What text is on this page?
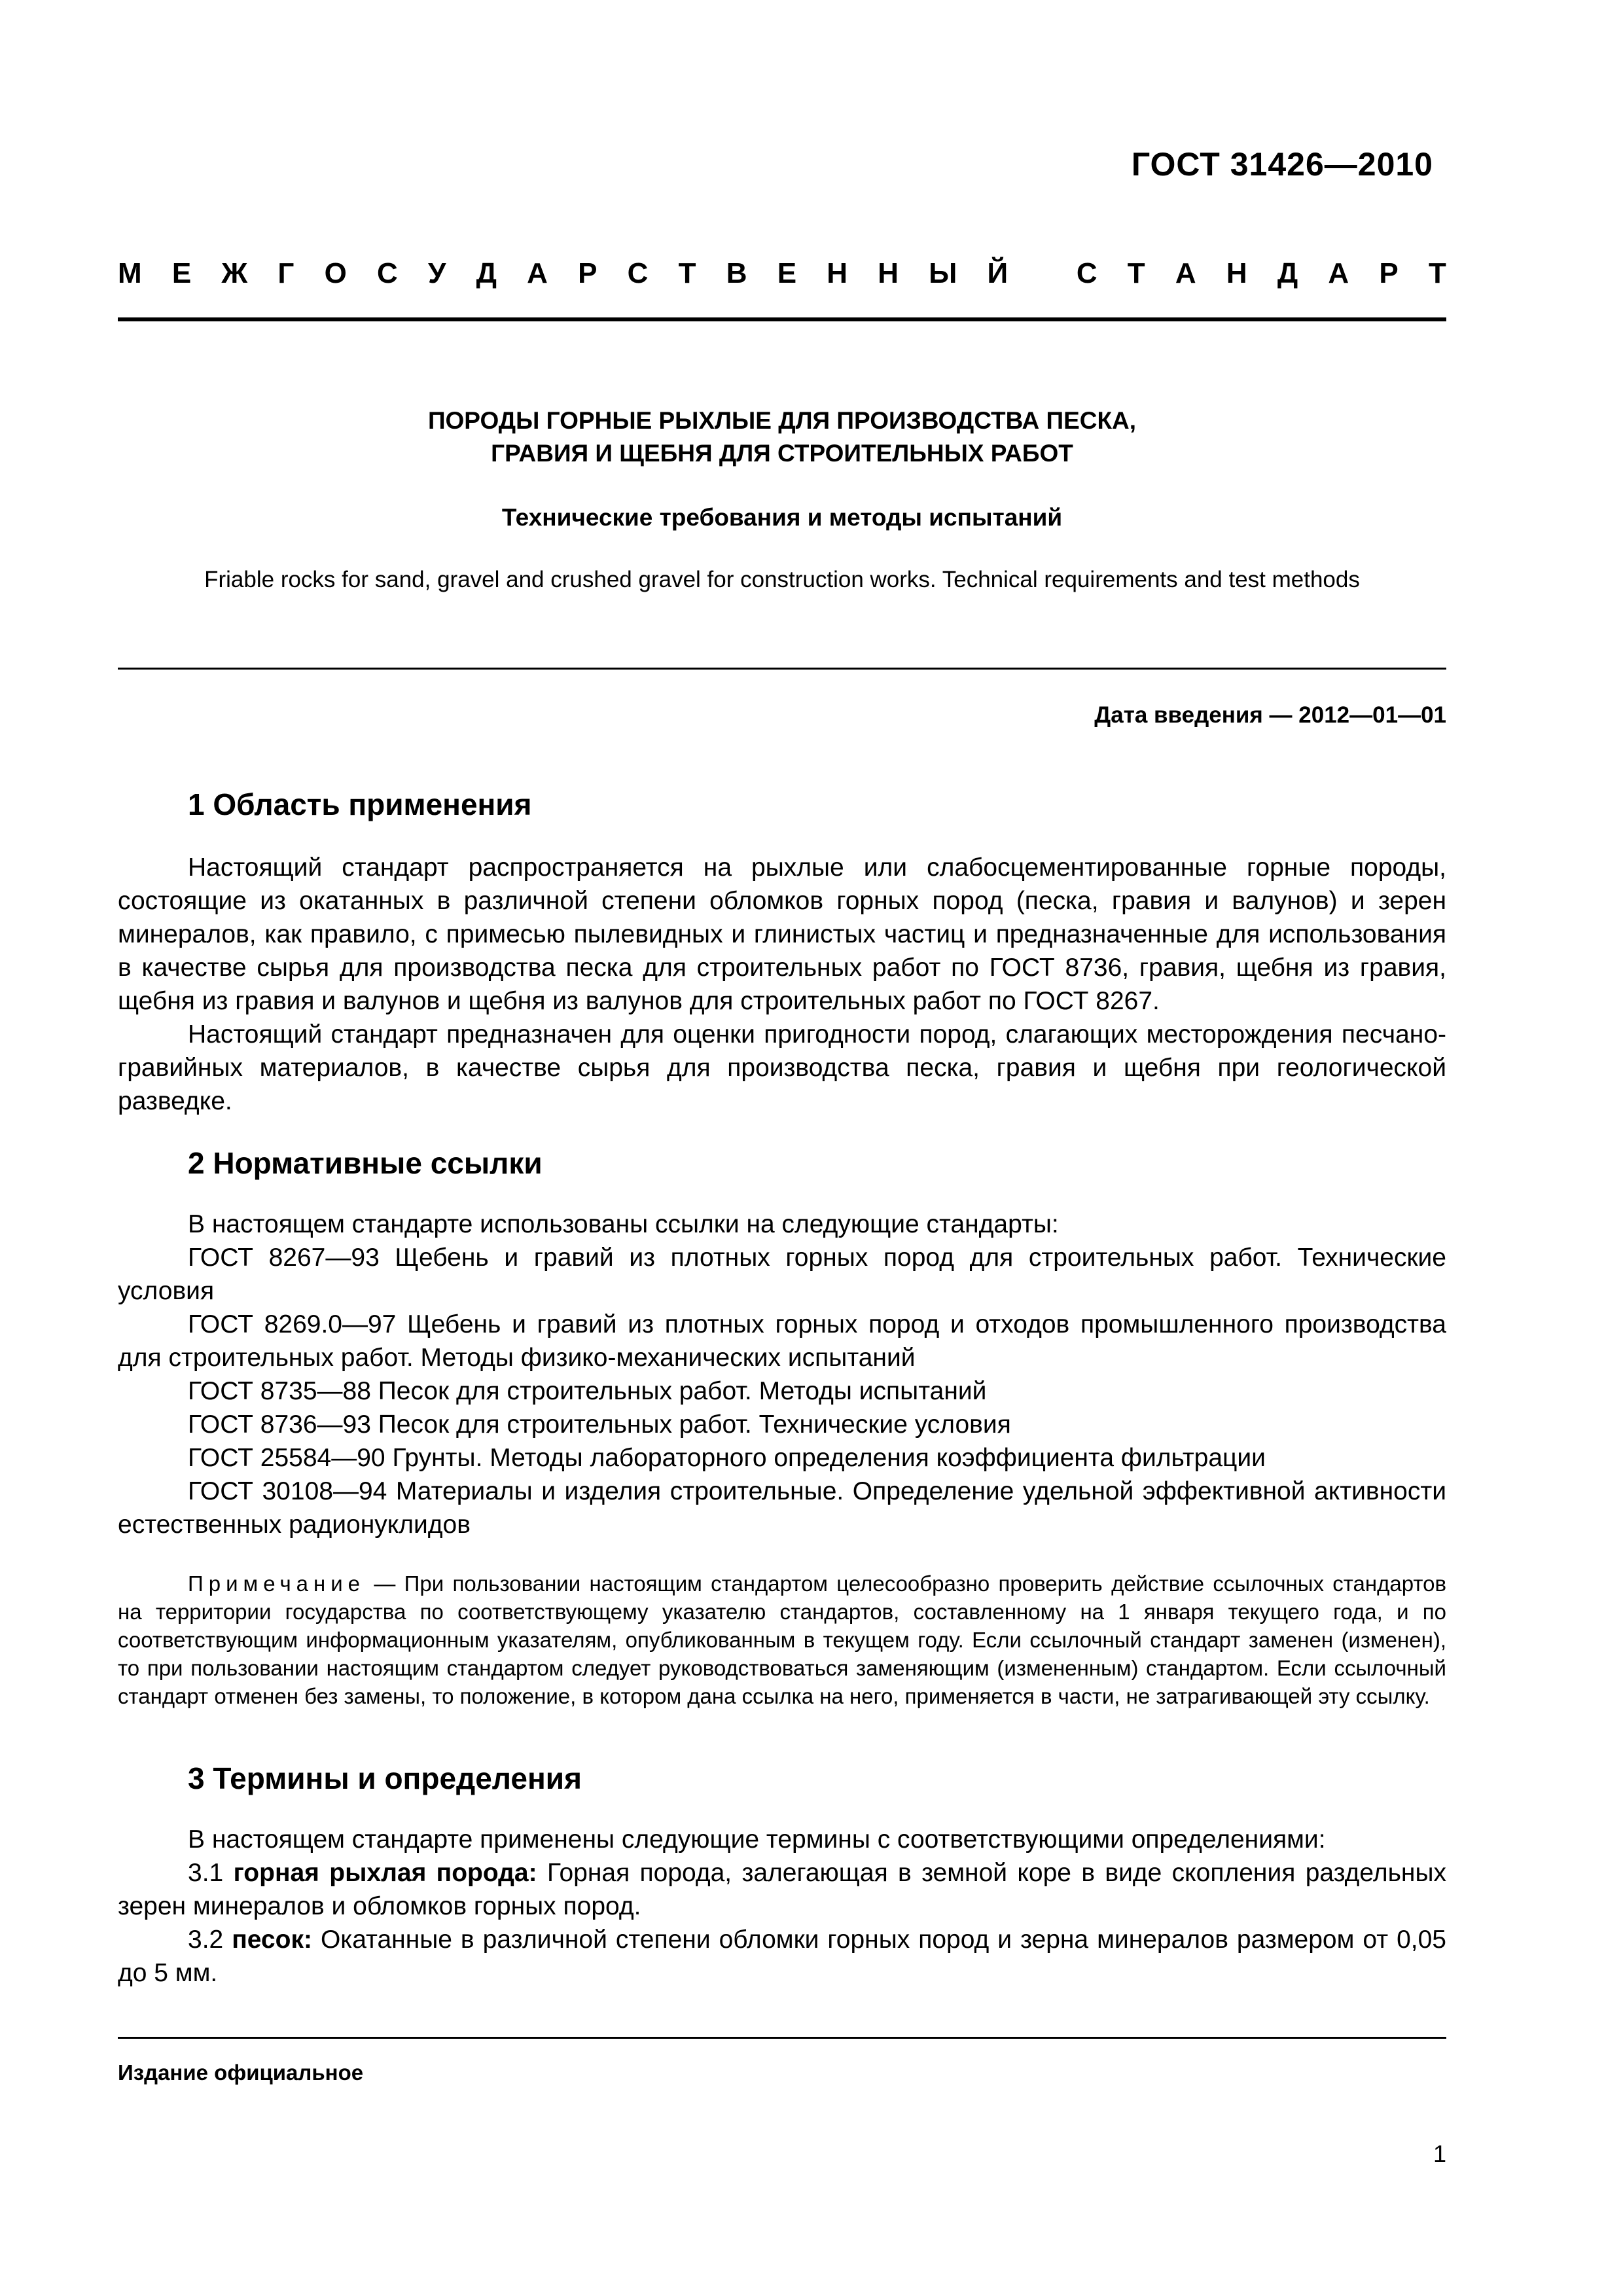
ГОСТ 31426—2010
М Е Ж Г О С У Д А Р С Т В Е Н Н Ы Й
С Т А Н Д А Р Т
ПОРОДЫ ГОРНЫЕ РЫХЛЫЕ ДЛЯ ПРОИЗВОДСТВА ПЕСКА,
ГРАВИЯ И ЩЕБНЯ ДЛЯ СТРОИТЕЛЬНЫХ РАБОТ
Технические требования и методы испытаний
Friable rocks for sand, gravel and crushed gravel for construction works. Technical requirements and test methods
Дата введения — 2012—01—01
1 Область применения

Настоящий стандарт распространяется на рыхлые или слабосцементированные горные породы, состоящие из окатанных в различной степени обломков горных пород (песка, гравия и валунов) и зерен минералов, как правило, с примесью пылевидных и глинистых частиц и предназначенные для использования в качестве сырья для производства песка для строительных работ по ГОСТ 8736, гравия, щебня из гравия, щебня из гравия и валунов и щебня из валунов для строительных работ по ГОСТ 8267.

Настоящий стандарт предназначен для оценки пригодности пород, слагающих месторождения песчано-гравийных материалов, в качестве сырья для производства песка, гравия и щебня при геологической разведке.

2 Нормативные ссылки

В настоящем стандарте использованы ссылки на следующие стандарты:

ГОСТ 8267—93 Щебень и гравий из плотных горных пород для строительных работ. Технические условия

ГОСТ 8269.0—97 Щебень и гравий из плотных горных пород и отходов промышленного производства для строительных работ. Методы физико-механических испытаний

ГОСТ 8735—88 Песок для строительных работ. Методы испытаний

ГОСТ 8736—93 Песок для строительных работ. Технические условия

ГОСТ 25584—90 Грунты. Методы лабораторного определения коэффициента фильтрации

ГОСТ 30108—94 Материалы и изделия строительные. Определение удельной эффективной активности естественных радионуклидов

Примечание — При пользовании настоящим стандартом целесообразно проверить действие ссылочных стандартов на территории государства по соответствующему указателю стандартов, составленному на 1 января текущего года, и по соответствующим информационным указателям, опубликованным в текущем году. Если ссылочный стандарт заменен (изменен), то при пользовании настоящим стандартом следует руководствоваться заменяющим (измененным) стандартом. Если ссылочный стандарт отменен без замены, то положение, в котором дана ссылка на него, применяется в части, не затрагивающей эту ссылку.
3 Термины и определения

В настоящем стандарте применены следующие термины с соответствующими определениями:

3.1 горная рыхлая порода: Горная порода, залегающая в земной коре в виде скопления раздельных зерен минералов и обломков горных пород.

3.2 песок: Окатанные в различной степени обломки горных пород и зерна минералов размером от 0,05 до 5 мм.

Издание официальное
1
